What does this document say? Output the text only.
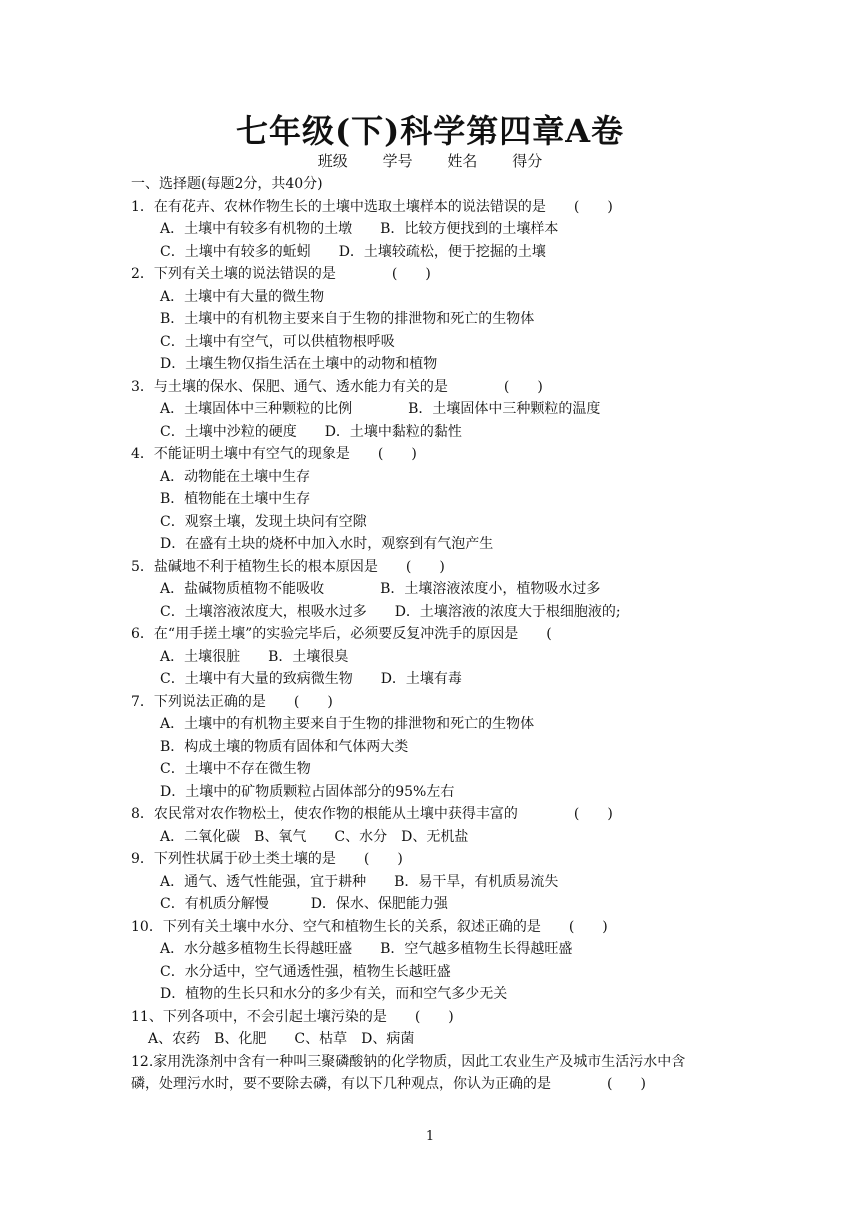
七年级(下)科学第四章A卷
班级 学号 姓名 得分
一、选择题(每题2分，共40分)
1．在有花卉、农林作物生长的土壤中选取土壤样本的说法错误的是　　(　　)
A．土壤中有较多有机物的土墩　　B．比较方便找到的土壤样本
C．土壤中有较多的蚯蚓　　D．土壤较疏松，便于挖掘的土壤
2．下列有关土壤的说法错误的是　　　　(　　)
A．土壤中有大量的微生物
B．土壤中的有机物主要来自于生物的排泄物和死亡的生物体
C．土壤中有空气，可以供植物根呼吸
D．土壤生物仅指生活在土壤中的动物和植物
3．与土壤的保水、保肥、通气、透水能力有关的是　　　　(　　)
A．土壤固体中三种颗粒的比例　　　　B．土壤固体中三种颗粒的温度
C．土壤中沙粒的硬度　　D．土壤中黏粒的黏性
4．不能证明土壤中有空气的现象是　　(　　)
A．动物能在土壤中生存
B．植物能在土壤中生存
C．观察土壤，发现土块问有空隙
D．在盛有土块的烧杯中加入水时，观察到有气泡产生
5．盐碱地不利于植物生长的根本原因是　　(　　)
A．盐碱物质植物不能吸收　　　　B．土壤溶液浓度小，植物吸水过多
C．土壤溶液浓度大，根吸水过多　　D．土壤溶液的浓度大于根细胞液的;
6．在“用手搓土壤”的实验完毕后，必须要反复冲洗手的原因是　　(
A．土壤很脏　　B．土壤很臭
C．土壤中有大量的致病微生物　　D．土壤有毒
7．下列说法正确的是　　(　　)
A．土壤中的有机物主要来自于生物的排泄物和死亡的生物体
B．构成土壤的物质有固体和气体两大类
C．土壤中不存在微生物
D．土壤中的矿物质颗粒占固体部分的95%左右
8．农民常对农作物松土，使农作物的根能从土壤中获得丰富的　　　　(　　)
A．二氧化碳　B、氧气　　C、水分　D、无机盐
9．下列性状属于砂土类土壤的是　　(　　)
A．通气、透气性能强，宜于耕种　　B．易干旱，有机质易流失
C．有机质分解慢　　　D．保水、保肥能力强
10．下列有关土壤中水分、空气和植物生长的关系，叙述正确的是　　(　　)
A．水分越多植物生长得越旺盛　　B．空气越多植物生长得越旺盛
C．水分适中，空气通透性强，植物生长越旺盛
D．植物的生长只和水分的多少有关，而和空气多少无关
11、下列各项中，不会引起土壤污染的是　　(　　)
A、农药　B、化肥　　C、枯草　D、病菌
12.家用洗涤剂中含有一种叫三聚磷酸钠的化学物质，因此工农业生产及城市生活污水中含
磷，处理污水时，要不要除去磷，有以下几种观点，你认为正确的是　　　　(　　)
1
